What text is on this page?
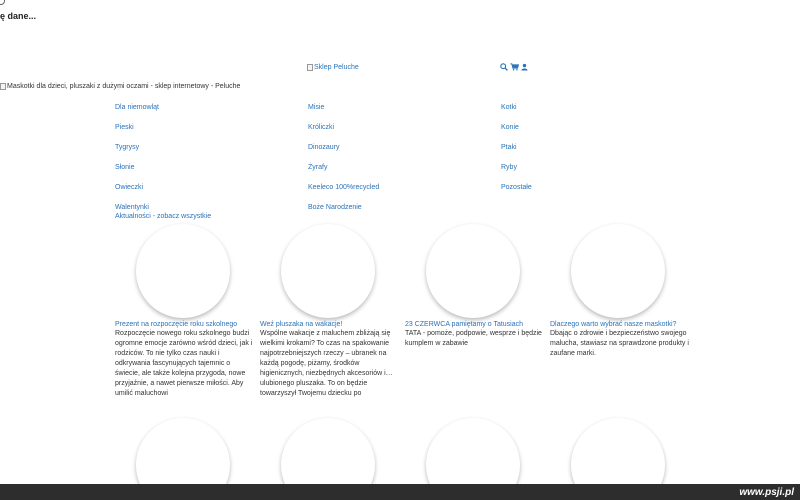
ę dane...
Sklep Peluche
Maskotki dla dzieci, pluszaki z dużymi oczami - sklep internetowy - Peluche
Dla niemowląt	Misie	Kotki
Pieski	Króliczki	Konie
Tygrysy	Dinozaury	Ptaki
Słonie	Żyrafy	Ryby
Owieczki	Keeleco 100%recycled	Pozostałe
Walentynki	Boże Narodzenie
Aktualności - zobacz wszystkie
Prezent na rozpoczęcie roku szkolnego
Rozpoczęcie nowego roku szkolnego budzi ogromne emocje zarówno wśród dzieci, jak i rodziców. To nie tylko czas nauki i odkrywania fascynujących tajemnic o świecie, ale także kolejna przygoda, nowe przyjaźnie, a nawet pierwsze miłości. Aby umilić maluchowi
Weź pluszaka na wakacje!
Wspólne wakacje z maluchem zbliżają się wielkimi krokami? To czas na spakowanie najpotrzebniejszych rzeczy – ubranek na każdą pogodę, piżamy, środków higienicznych, niezbędnych akcesoriów i… ulubionego pluszaka. To on będzie towarzyszył Twojemu dziecku po
23 CZERWCA pamiętamy o Tatusiach
TATA - pomoże, podpowie, wesprze i będzie kumplem w zabawie
Dlaczego warto wybrać nasze maskotki?
Dbając o zdrowie i bezpieczeństwo swojego malucha, stawiasz na sprawdzone produkty i zaufane marki.
www.psji.pl
